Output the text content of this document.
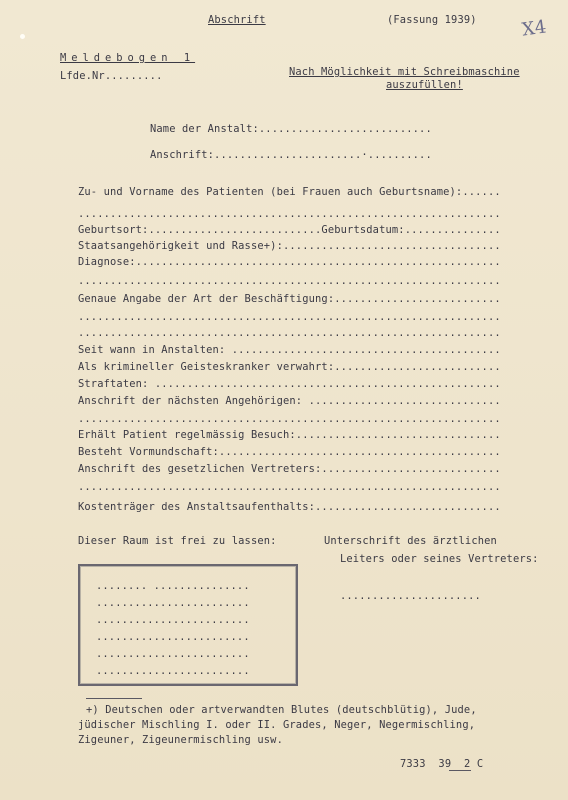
Abschrift	(Fassung 1939) X4
Meldebogen 1
Lfde.Nr.........	Nach Möglichkeit mit Schreibmaschine
auszufüllen!
Name der Anstalt:...........................
Anschrift:.......................·..........
Zu- und Vorname des Patienten (bei Frauen auch Geburtsname):......
..................................................................
Geburtsort:...........................Geburtsdatum:...............
Staatsangehörigkeit und Rasse+):..................................
Diagnose:.........................................................
..................................................................
Genaue Angabe der Art der Beschäftigung:..........................
..................................................................
..................................................................
Seit wann in Anstalten: ..........................................
Als krimineller Geisteskranker verwahrt:..........................
Straftaten: ......................................................
Anschrift der nächsten Angehörigen: ..............................
..................................................................
Erhält Patient regelmässig Besuch:................................
Besteht Vormundschaft:............................................
Anschrift des gesetzlichen Vertreters:............................
..................................................................
Kostenträger des Anstaltsaufenthalts:.............................
Dieser Raum ist frei zu lassen:	Unterschrift des ärztlichen
Leiters oder seines Vertreters:
......................
........ ...............
........................
........................
........................
........................
........................
+) Deutschen oder artverwandten Blutes (deutschblütig), Jude,
jüdischer Mischling I. oder II. Grades, Neger, Negermischling,
Zigeuner, Zigeunermischling usw.
7333  39  2 C
